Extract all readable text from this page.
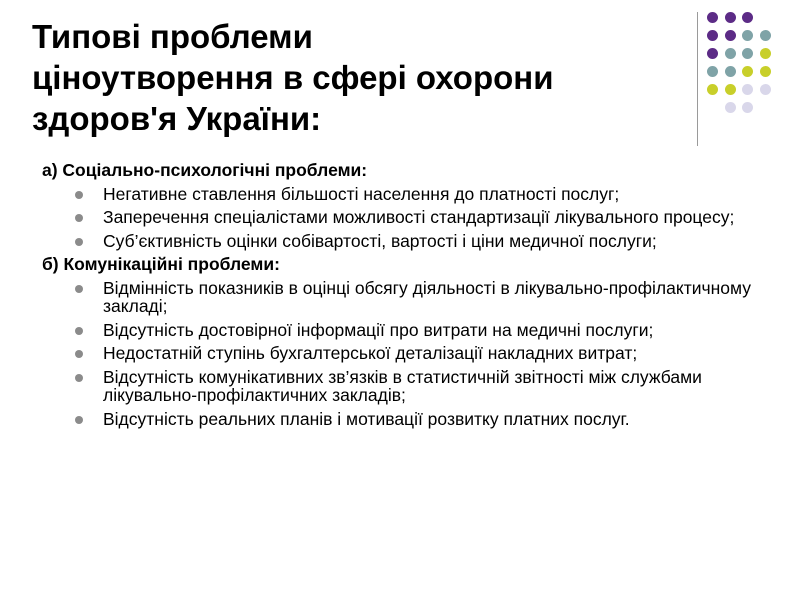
Типові проблеми
ціноутворення в сфері охорони
здоров'я України:
а) Соціально-психологічні проблеми:
Негативне ставлення більшості населення до платності послуг;
Заперечення спеціалістами можливості стандартизації лікувального процесу;
Суб’єктивність оцінки собівартості, вартості і ціни медичної послуги;
б) Комунікаційні проблеми:
Відмінність показників в оцінці обсягу діяльності в лікувально-профілактичному закладі;
Відсутність достовірної інформації про витрати на медичні послуги;
Недостатній ступінь бухгалтерської деталізації накладних витрат;
Відсутність комунікативних зв’язків в статистичній звітності між службами лікувально-профілактичних закладів;
Відсутність реальних планів і мотивації розвитку платних послуг.
